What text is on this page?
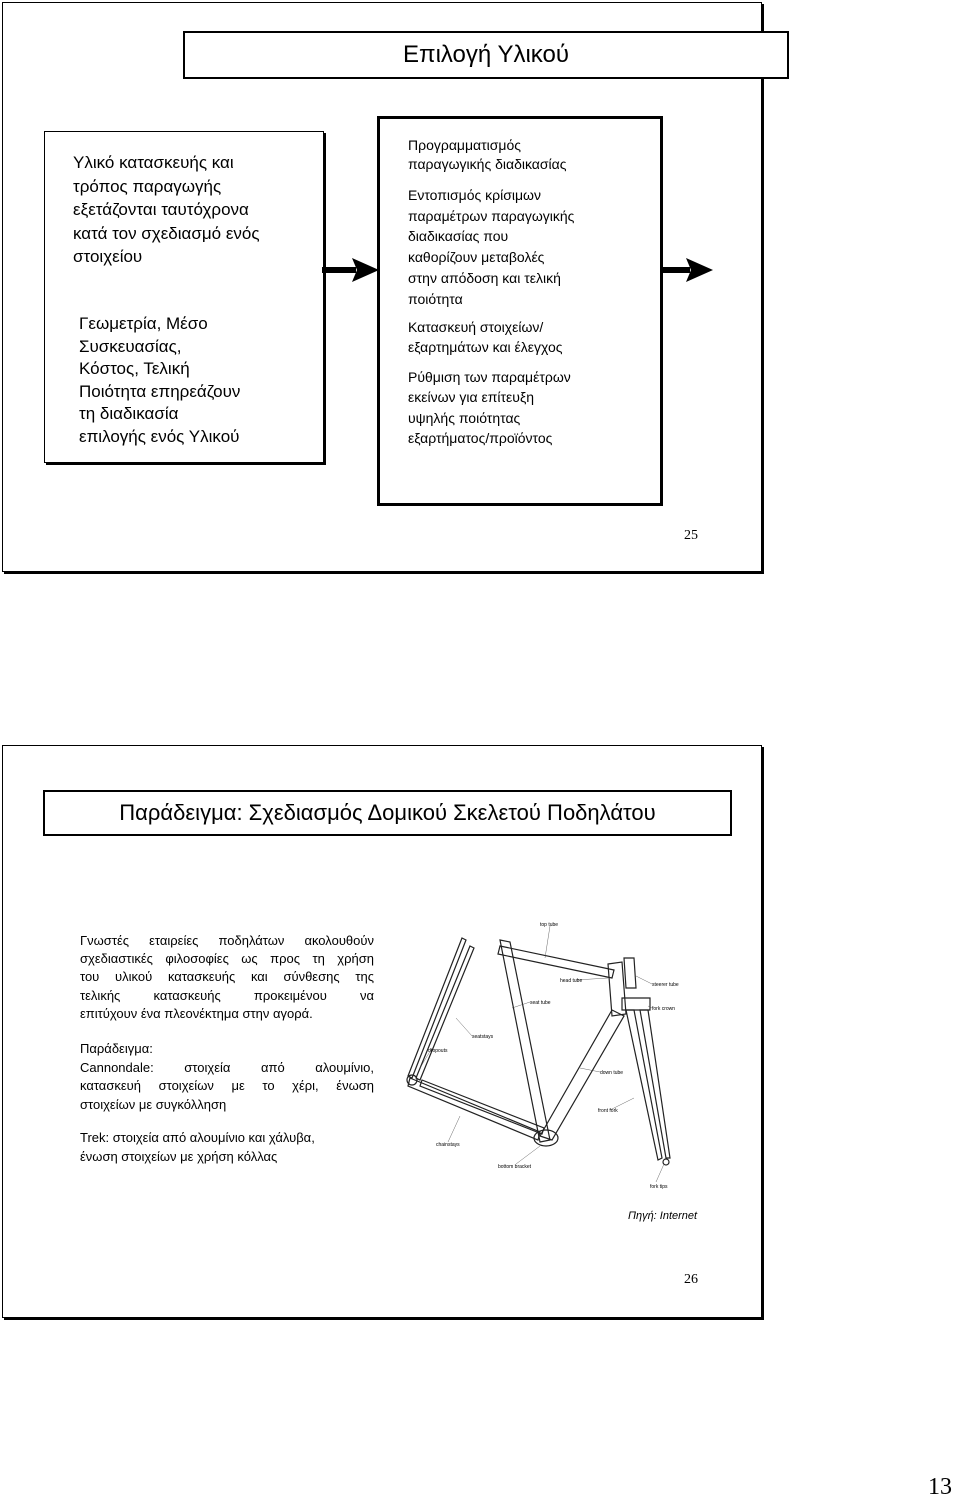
Επιλογή Υλικού
Υλικό κατασκευής και
τρόπος παραγωγής
εξετάζονται ταυτόχρονα
κατά τον σχεδιασμό ενός
στοιχείου
Γεωμετρία, Μέσο
Συσκευασίας,
Κόστος, Τελική
Ποιότητα επηρεάζουν
τη διαδικασία
επιλογής ενός Υλικού
Προγραμματισμός
παραγωγικής διαδικασίας
Εντοπισμός κρίσιμων
παραμέτρων παραγωγικής
διαδικασίας που
καθορίζουν μεταβολές
στην απόδοση και τελική
ποιότητα
Κατασκευή στοιχείων/
εξαρτημάτων και έλεγχος
Ρύθμιση των παραμέτρων
εκείνων για επίτευξη
υψηλής ποιότητας
εξαρτήματος/προϊόντος
25
Παράδειγμα: Σχεδιασμός Δομικού Σκελετού Ποδηλάτου
Γνωστές εταιρείες ποδηλάτων ακολουθούν
σχεδιαστικές φιλοσοφίες ως προς τη χρήση
του υλικού κατασκευής και σύνθεσης της
τελικής κατασκευής προκειμένου να
επιτύχουν ένα πλεονέκτημα στην αγορά.
Παράδειγμα:
Cannondale: στοιχεία από αλουμίνιο,
κατασκευή στοιχείων με το χέρι, ένωση
στοιχείων με συγκόλληση
Trek: στοιχεία από αλουμίνιο και χάλυβα,
ένωση στοιχείων με χρήση κόλλας
top tube
head tube
steerer tube
fork crown
seat tube
seatstays
dropouts
down tube
front fork
chainstays
bottom bracket
fork tips
Πηγή: Internet
26
13
